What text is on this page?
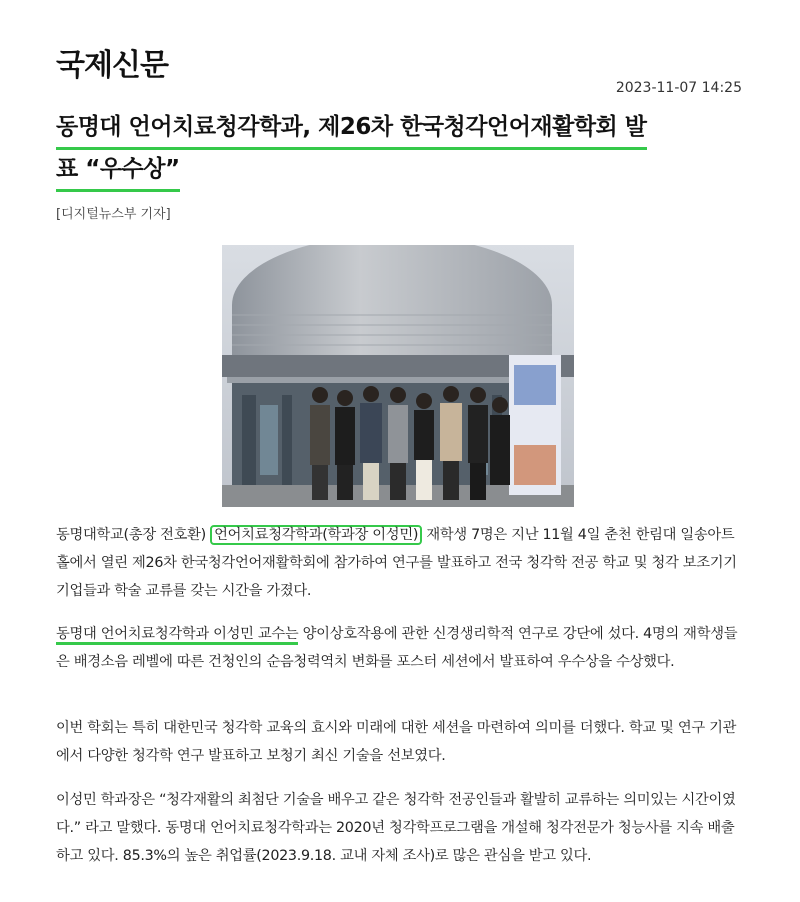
국제신문
2023-11-07 14:25
동명대 언어치료청각학과, 제26차 한국청각언어재활학회 발
표 “우수상”
[디지털뉴스부 기자]

동명대학교(총장 전호환) 언어치료청각학과(학과장 이성민) 재학생 7명은 지난 11월 4일 춘천 한림대 일송아트홀에서 열린 제26차 한국청각언어재활학회에 참가하여 연구를 발표하고 전국 청각학 전공 학교 및 청각 보조기기 기업들과 학술 교류를 갖는 시간을 가졌다.

동명대 언어치료청각학과 이성민 교수는 양이상호작용에 관한 신경생리학적 연구로 강단에 섰다. 4명의 재학생들은 배경소음 레벨에 따른 건청인의 순음청력역치 변화를 포스터 세션에서 발표하여 우수상을 수상했다.

이번 학회는 특히 대한민국 청각학 교육의 효시와 미래에 대한 세션을 마련하여 의미를 더했다. 학교 및 연구 기관에서 다양한 청각학 연구 발표하고 보청기 최신 기술을 선보였다.

이성민 학과장은 “청각재활의 최첨단 기술을 배우고 같은 청각학 전공인들과 활발히 교류하는 의미있는 시간이였다.” 라고 말했다. 동명대 언어치료청각학과는 2020년 청각학프로그램을 개설해 청각전문가 청능사를 지속 배출하고 있다. 85.3%의 높은 취업률(2023.9.18. 교내 자체 조사)로 많은 관심을 받고 있다.
